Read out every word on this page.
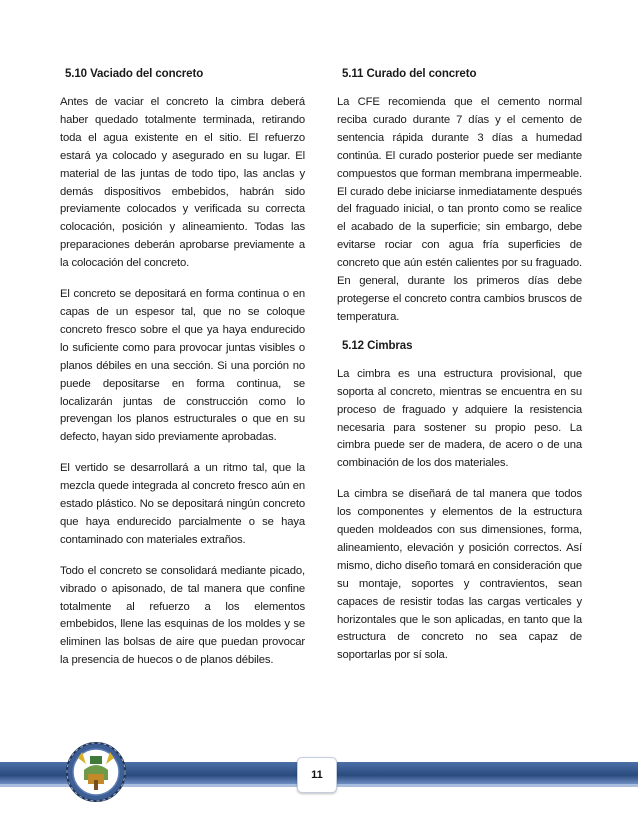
5.10 Vaciado del concreto

Antes de vaciar el concreto la cimbra deberá haber quedado totalmente terminada, retirando toda el agua existente en el sitio. El refuerzo estará ya colocado y asegurado en su lugar. El material de las juntas de todo tipo, las anclas y demás dispositivos embebidos, habrán sido previamente colocados y verificada su correcta colocación, posición y alineamiento. Todas las preparaciones deberán aprobarse previamente a la colocación del concreto.

El concreto se depositará en forma continua o en capas de un espesor tal, que no se coloque concreto fresco sobre el que ya haya endurecido lo suficiente como para provocar juntas visibles o planos débiles en una sección. Si una porción no puede depositarse en forma continua, se localizarán juntas de construcción como lo prevengan los planos estructurales o que en su defecto, hayan sido previamente aprobadas.

El vertido se desarrollará a un ritmo tal, que la mezcla quede integrada al concreto fresco aún en estado plástico. No se depositará ningún concreto que haya endurecido parcialmente o se haya contaminado con materiales extraños.

Todo el concreto se consolidará mediante picado, vibrado o apisonado, de tal manera que confine totalmente al refuerzo a los elementos embebidos, llene las esquinas de los moldes y se eliminen las bolsas de aire que puedan provocar la presencia de huecos o de planos débiles.

5.11 Curado del concreto

La CFE recomienda que el cemento normal reciba curado durante 7 días y el cemento de sentencia rápida durante 3 días a humedad continúa. El curado posterior puede ser mediante compuestos que forman membrana impermeable. El curado debe iniciarse inmediatamente después del fraguado inicial, o tan pronto como se realice el acabado de la superficie; sin embargo, debe evitarse rociar con agua fría superficies de concreto que aún estén calientes por su fraguado. En general, durante los primeros días debe protegerse el concreto contra cambios bruscos de temperatura.

5.12 Cimbras

La cimbra es una estructura provisional, que soporta al concreto, mientras se encuentra en su proceso de fraguado y adquiere la resistencia necesaria para sostener su propio peso. La cimbra puede ser de madera, de acero o de una combinación de los dos materiales.

La cimbra se diseñará de tal manera que todos los componentes y elementos de la estructura queden moldeados con sus dimensiones, forma, alineamiento, elevación y posición correctos. Así mismo, dicho diseño tomará en consideración que su montaje, soportes y contravientos, sean capaces de resistir todas las cargas verticales y horizontales que le son aplicadas, en tanto que la estructura de concreto no sea capaz de soportarlas por sí sola.

11
